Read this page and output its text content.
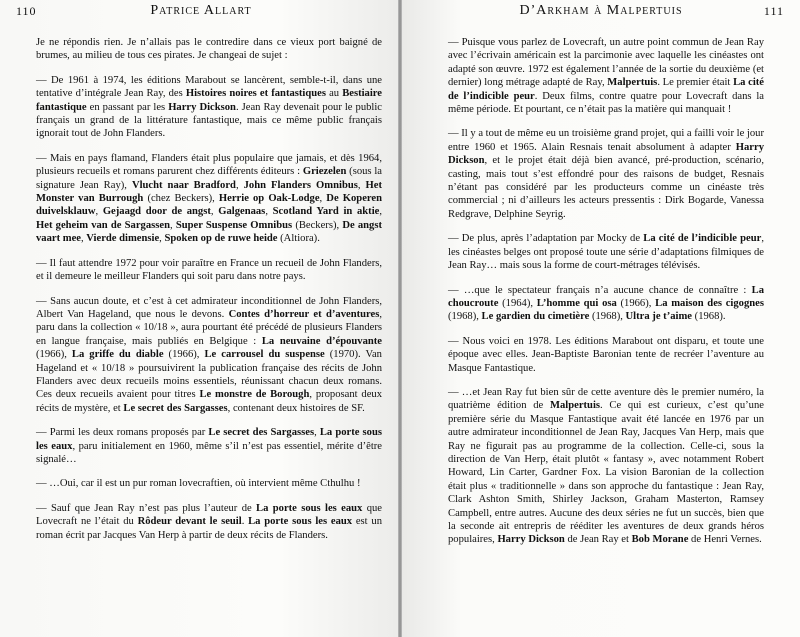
110	Patrice Allart

Je ne répondis rien. Je n’allais pas le contredire dans ce vieux port baigné de brumes, au milieu de tous ces pirates. Je changeai de sujet :

— De 1961 à 1974, les éditions Marabout se lancèrent, semble-t-il, dans une tentative d’intégrale Jean Ray, des Histoires noires et fantastiques au Bestiaire fantastique en passant par les Harry Dickson. Jean Ray devenait pour le public français un grand de la littérature fantastique, mais ce même public français ignorait tout de John Flanders.

— Mais en pays flamand, Flanders était plus populaire que jamais, et dès 1964, plusieurs recueils et romans parurent chez différents éditeurs : Griezelen (sous la signature Jean Ray), Vlucht naar Bradford, John Flanders Omnibus, Het Monster van Burrough (chez Beckers), Herrie op Oak-Lodge, De Koperen duivelsklauw, Gejaagd door de angst, Galgenaas, Scotland Yard in aktie, Het geheim van de Sargassen, Super Suspense Omnibus (Beckers), De angst vaart mee, Vierde dimensie, Spoken op de ruwe heide (Altiora).

— Il faut attendre 1972 pour voir paraître en France un recueil de John Flanders, et il demeure le meilleur Flanders qui soit paru dans notre pays.

— Sans aucun doute, et c’est à cet admirateur inconditionnel de John Flanders, Albert Van Hageland, que nous le devons. Contes d’horreur et d’aventures, paru dans la collection « 10/18 », aura pourtant été précédé de plusieurs Flanders en langue française, mais publiés en Belgique : La neuvaine d’épouvante (1966), La griffe du diable (1966), Le carrousel du suspense (1970). Van Hageland et « 10/18 » poursuivirent la publication française des récits de John Flanders avec deux recueils moins essentiels, réunissant chacun deux romans. Ces deux recueils avaient pour titres Le monstre de Borough, proposant deux récits de mystère, et Le secret des Sargasses, contenant deux histoires de SF.

— Parmi les deux romans proposés par Le secret des Sargasses, La porte sous les eaux, paru initialement en 1960, même s’il n’est pas essentiel, mérite d’être signalé…

— …Oui, car il est un pur roman lovecraftien, où intervient même Cthulhu !

— Sauf que Jean Ray n’est pas plus l’auteur de La porte sous les eaux que Lovecraft ne l’était du Rôdeur devant le seuil. La porte sous les eaux est un roman écrit par Jacques Van Herp à partir de deux récits de Flanders.

D’Arkham à Malpertuis	111

— Puisque vous parlez de Lovecraft, un autre point commun de Jean Ray avec l’écrivain américain est la parcimonie avec laquelle les cinéastes ont adapté son œuvre. 1972 est également l’année de la sortie du deuxième (et dernier) long métrage adapté de Ray, Malpertuis. Le premier était La cité de l’indicible peur. Deux films, contre quatre pour Lovecraft dans la même période. Et pourtant, ce n’était pas la matière qui manquait !

— Il y a tout de même eu un troisième grand projet, qui a failli voir le jour entre 1960 et 1965. Alain Resnais tenait absolument à adapter Harry Dickson, et le projet était déjà bien avancé, pré-production, scénario, casting, mais tout s’est effondré pour des raisons de budget, Resnais n’étant pas considéré par les producteurs comme un cinéaste très commercial ; ni d’ailleurs les acteurs pressentis : Dirk Bogarde, Vanessa Redgrave, Delphine Seyrig.

— De plus, après l’adaptation par Mocky de La cité de l’indicible peur, les cinéastes belges ont proposé toute une série d’adaptations filmiques de Jean Ray… mais sous la forme de court-métrages télévisés.

— …que le spectateur français n’a aucune chance de connaître : La choucroute (1964), L’homme qui osa (1966), La maison des cigognes (1968), Le gardien du cimetière (1968), Ultra je t’aime (1968).

— Nous voici en 1978. Les éditions Marabout ont disparu, et toute une époque avec elles. Jean-Baptiste Baronian tente de recréer l’aventure au Masque Fantastique.

— …et Jean Ray fut bien sûr de cette aventure dès le premier numéro, la quatrième édition de Malpertuis. Ce qui est curieux, c’est qu’une première série du Masque Fantastique avait été lancée en 1976 par un autre admirateur inconditionnel de Jean Ray, Jacques Van Herp, mais que Ray ne figurait pas au programme de la collection. Celle-ci, sous la direction de Van Herp, était plutôt « fantasy », avec notamment Robert Howard, Lin Carter, Gardner Fox. La vision Baronian de la collection était plus « traditionnelle » dans son approche du fantastique : Jean Ray, Clark Ashton Smith, Shirley Jackson, Graham Masterton, Ramsey Campbell, entre autres. Aucune des deux séries ne fut un succès, bien que la seconde ait entrepris de rééditer les aventures de deux grands héros populaires, Harry Dickson de Jean Ray et Bob Morane de Henri Vernes.
